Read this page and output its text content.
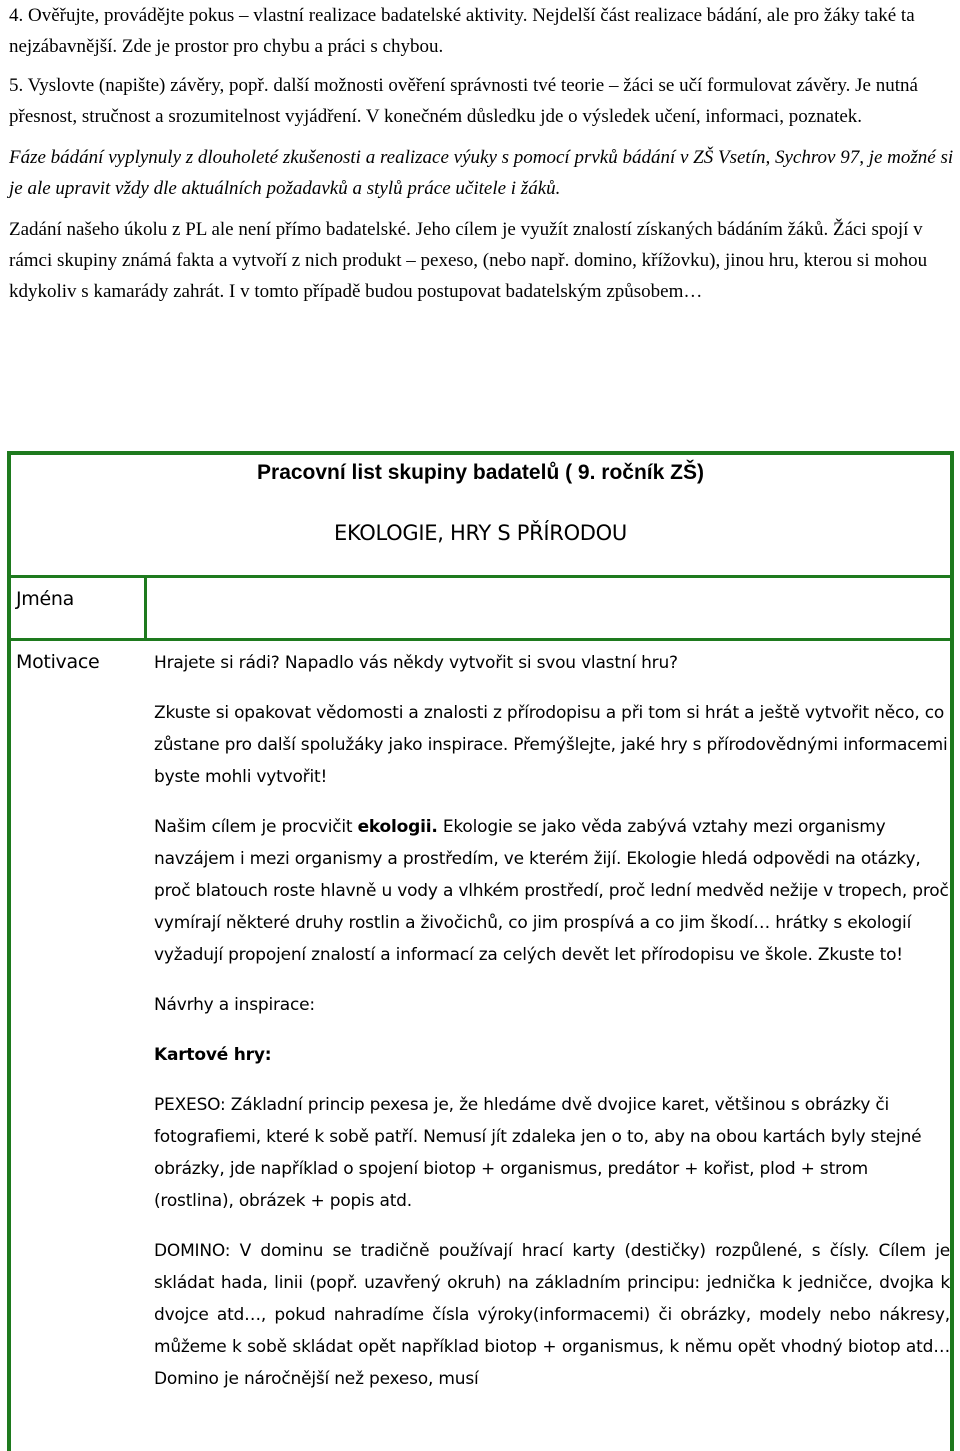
4. Ověřujte, provádějte pokus – vlastní realizace badatelské aktivity. Nejdelší část realizace bádání, ale pro žáky také ta nejzábavnější. Zde je prostor pro chybu a práci s chybou.

5. Vyslovte (napište) závěry, popř. další možnosti ověření správnosti tvé teorie – žáci se učí formulovat závěry. Je nutná přesnost, stručnost a srozumitelnost vyjádření. V konečném důsledku jde o výsledek učení, informaci, poznatek.

Fáze bádání vyplynuly z dlouholeté zkušenosti a realizace výuky s pomocí prvků bádání v ZŠ Vsetín, Sychrov 97, je možné si je ale upravit vždy dle aktuálních požadavků a stylů práce učitele i žáků.

Zadání našeho úkolu z PL ale není přímo badatelské. Jeho cílem je využít znalostí získaných bádáním žáků. Žáci spojí v rámci skupiny známá fakta a vytvoří z nich produkt – pexeso, (nebo např. domino, křížovku), jinou hru, kterou si mohou kdykoliv s kamarády zahrát. I v tomto případě budou postupovat badatelským způsobem…

Pracovní list skupiny badatelů ( 9. ročník ZŠ)
EKOLOGIE, HRY S PŘÍRODOU
Jména
Motivace	Hrajete si rádi? Napadlo vás někdy vytvořit si svou vlastní hru?

Zkuste si opakovat vědomosti a znalosti z přírodopisu a při tom si hrát a ještě vytvořit něco, co zůstane pro další spolužáky jako inspirace. Přemýšlejte, jaké hry s přírodovědnými informacemi byste mohli vytvořit!

Našim cílem je procvičit ekologii. Ekologie se jako věda zabývá vztahy mezi organismy navzájem i mezi organismy a prostředím, ve kterém žijí. Ekologie hledá odpovědi na otázky, proč blatouch roste hlavně u vody a vlhkém prostředí, proč lední medvěd nežije v tropech, proč vymírají některé druhy rostlin a živočichů, co jim prospívá a co jim škodí… hrátky s ekologií vyžadují propojení znalostí a informací za celých devět let přírodopisu ve škole. Zkuste to!

Návrhy a inspirace:

Kartové hry:

PEXESO: Základní princip pexesa je, že hledáme dvě dvojice karet, většinou s obrázky či fotografiemi, které k sobě patří. Nemusí jít zdaleka jen o to, aby na obou kartách byly stejné obrázky, jde například o spojení biotop + organismus, predátor + kořist, plod + strom (rostlina), obrázek + popis atd.

DOMINO: V dominu se tradičně používají hrací karty (destičky) rozpůlené, s čísly. Cílem je skládat hada, linii (popř. uzavřený okruh) na základním principu: jednička k jedničce, dvojka k dvojce atd…, pokud nahradíme čísla výroky(informacemi) či obrázky, modely nebo nákresy, můžeme k sobě skládat opět například biotop + organismus, k němu opět vhodný biotop atd… Domino je náročnější než pexeso, musí
